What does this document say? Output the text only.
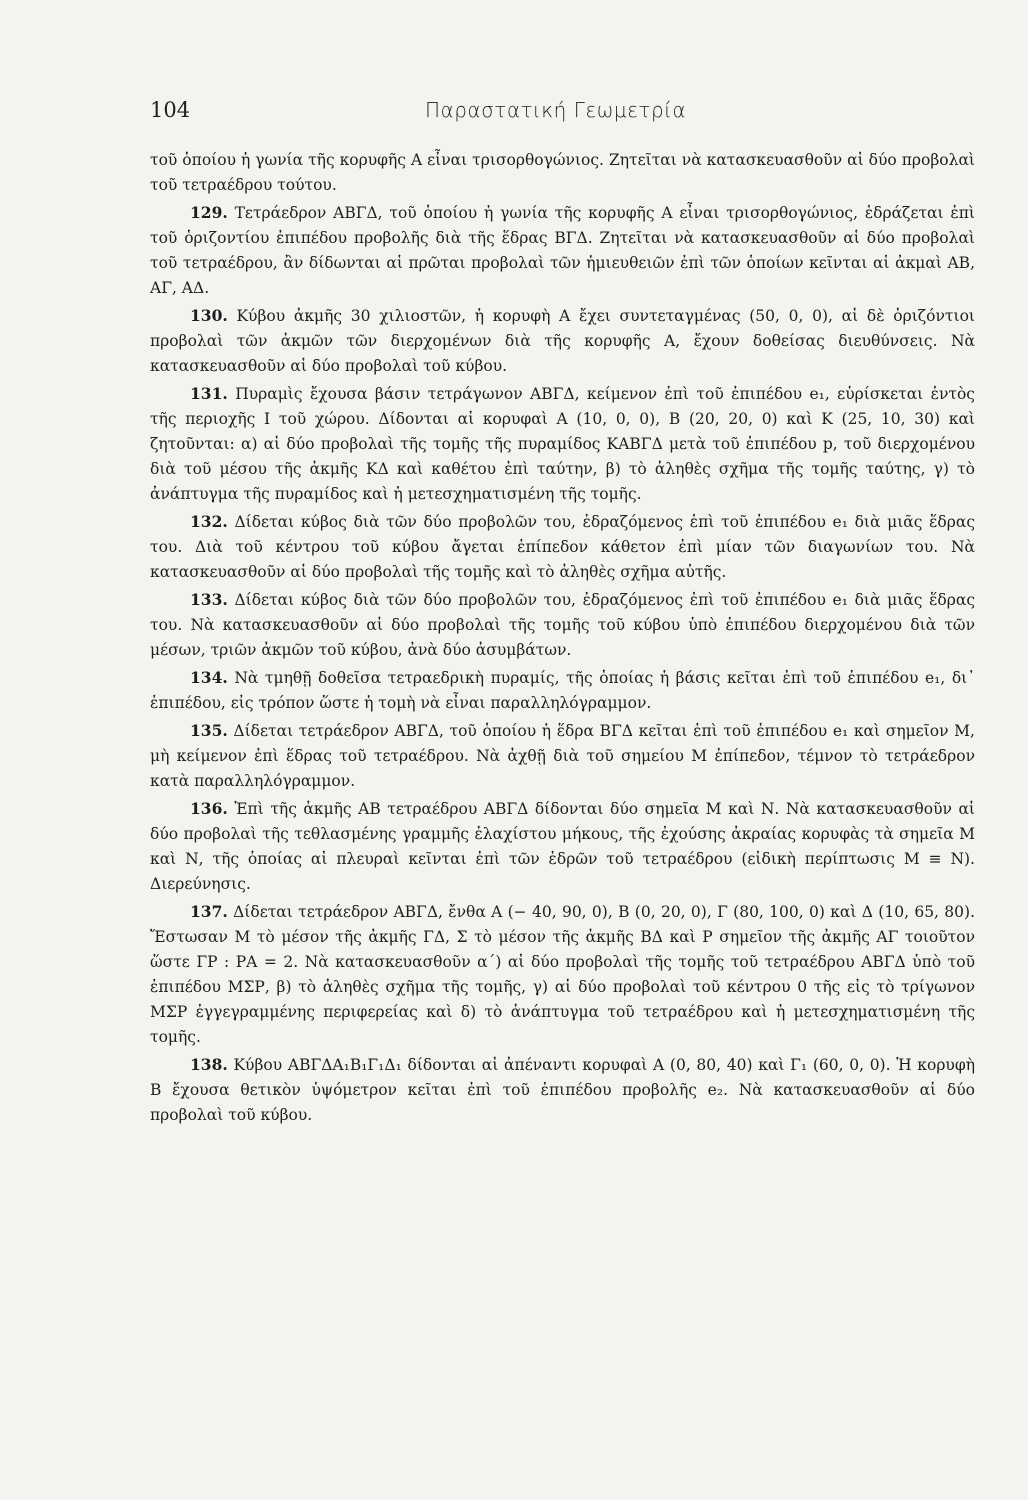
104	Παραστατική Γεωμετρία

τοῦ ὁποίου ἡ γωνία τῆς κορυφῆς Α εἶναι τρισορθογώνιος. Ζητεῖται νὰ κατασκευασθοῦν αἱ δύο προβολαὶ τοῦ τετραέδρου τούτου.

129. Τετράεδρον ΑΒΓΔ, τοῦ ὁποίου ἡ γωνία τῆς κορυφῆς Α εἶναι τρισορθογώνιος, ἑδράζεται ἐπὶ τοῦ ὁριζοντίου ἐπιπέδου προβολῆς διὰ τῆς ἕδρας ΒΓΔ. Ζητεῖται νὰ κατασκευασθοῦν αἱ δύο προβολαὶ τοῦ τετραέδρου, ἂν δίδωνται αἱ πρῶται προβολαὶ τῶν ἡμιευθειῶν ἐπὶ τῶν ὁποίων κεῖνται αἱ ἀκμαὶ ΑΒ, ΑΓ, ΑΔ.

130. Κύβου ἀκμῆς 30 χιλιοστῶν, ἡ κορυφὴ Α ἔχει συντεταγμένας (50, 0, 0), αἱ δὲ ὁριζόντιοι προβολαὶ τῶν ἀκμῶν τῶν διερχομένων διὰ τῆς κορυφῆς Α, ἔχουν δοθείσας διευθύνσεις. Νὰ κατασκευασθοῦν αἱ δύο προβολαὶ τοῦ κύβου.

131. Πυραμὶς ἔχουσα βάσιν τετράγωνον ΑΒΓΔ, κείμενον ἐπὶ τοῦ ἐπιπέδου e₁, εὑρίσκεται ἐντὸς τῆς περιοχῆς I τοῦ χώρου. Δίδονται αἱ κορυφαὶ Α (10, 0, 0), Β (20, 20, 0) καὶ Κ (25, 10, 30) καὶ ζητοῦνται: α) αἱ δύο προβολαὶ τῆς τομῆς τῆς πυραμίδος ΚΑΒΓΔ μετὰ τοῦ ἐπιπέδου p, τοῦ διερχομένου διὰ τοῦ μέσου τῆς ἀκμῆς ΚΔ καὶ καθέτου ἐπὶ ταύτην, β) τὸ ἀληθὲς σχῆμα τῆς τομῆς ταύτης, γ) τὸ ἀνάπτυγμα τῆς πυραμίδος καὶ ἡ μετεσχηματισμένη τῆς τομῆς.

132. Δίδεται κύβος διὰ τῶν δύο προβολῶν του, ἑδραζόμενος ἐπὶ τοῦ ἐπιπέδου e₁ διὰ μιᾶς ἕδρας του. Διὰ τοῦ κέντρου τοῦ κύβου ἄγεται ἐπίπεδον κάθετον ἐπὶ μίαν τῶν διαγωνίων του. Νὰ κατασκευασθοῦν αἱ δύο προβολαὶ τῆς τομῆς καὶ τὸ ἀληθὲς σχῆμα αὐτῆς.

133. Δίδεται κύβος διὰ τῶν δύο προβολῶν του, ἑδραζόμενος ἐπὶ τοῦ ἐπιπέδου e₁ διὰ μιᾶς ἕδρας του. Νὰ κατασκευασθοῦν αἱ δύο προβολαὶ τῆς τομῆς τοῦ κύβου ὑπὸ ἐπιπέδου διερχομένου διὰ τῶν μέσων, τριῶν ἀκμῶν τοῦ κύβου, ἀνὰ δύο ἀσυμβάτων.

134. Νὰ τμηθῇ δοθεῖσα τετραεδρικὴ πυραμίς, τῆς ὁποίας ἡ βάσις κεῖται ἐπὶ τοῦ ἐπιπέδου e₁, δι᾽ ἐπιπέδου, εἰς τρόπον ὥστε ἡ τομὴ νὰ εἶναι παραλληλόγραμμον.

135. Δίδεται τετράεδρον ΑΒΓΔ, τοῦ ὁποίου ἡ ἕδρα ΒΓΔ κεῖται ἐπὶ τοῦ ἐπιπέδου e₁ καὶ σημεῖον Μ, μὴ κείμενον ἐπὶ ἕδρας τοῦ τετραέδρου. Νὰ ἀχθῇ διὰ τοῦ σημείου Μ ἐπίπεδον, τέμνον τὸ τετράεδρον κατὰ παραλληλόγραμμον.

136. Ἐπὶ τῆς ἀκμῆς ΑΒ τετραέδρου ΑΒΓΔ δίδονται δύο σημεῖα Μ καὶ Ν. Νὰ κατασκευασθοῦν αἱ δύο προβολαὶ τῆς τεθλασμένης γραμμῆς ἐλαχίστου μήκους, τῆς ἐχούσης ἀκραίας κορυφὰς τὰ σημεῖα Μ καὶ Ν, τῆς ὁποίας αἱ πλευραὶ κεῖνται ἐπὶ τῶν ἑδρῶν τοῦ τετραέδρου (εἰδικὴ περίπτωσις Μ ≡ Ν). Διερεύνησις.

137. Δίδεται τετράεδρον ΑΒΓΔ, ἔνθα Α (− 40, 90, 0), Β (0, 20, 0), Γ (80, 100, 0) καὶ Δ (10, 65, 80). Ἔστωσαν Μ τὸ μέσον τῆς ἀκμῆς ΓΔ, Σ τὸ μέσον τῆς ἀκμῆς ΒΔ καὶ Ρ σημεῖον τῆς ἀκμῆς ΑΓ τοιοῦτον ὥστε ΓΡ : ΡΑ = 2. Νὰ κατασκευασθοῦν α΄) αἱ δύο προβολαὶ τῆς τομῆς τοῦ τετραέδρου ΑΒΓΔ ὑπὸ τοῦ ἐπιπέδου ΜΣΡ, β) τὸ ἀληθὲς σχῆμα τῆς τομῆς, γ) αἱ δύο προβολαὶ τοῦ κέντρου 0 τῆς εἰς τὸ τρίγωνον ΜΣΡ ἐγγεγραμμένης περιφερείας καὶ δ) τὸ ἀνάπτυγμα τοῦ τετραέδρου καὶ ἡ μετεσχηματισμένη τῆς τομῆς.

138. Κύβου ΑΒΓΔΑ₁Β₁Γ₁Δ₁ δίδονται αἱ ἀπέναντι κορυφαὶ Α (0, 80, 40) καὶ Γ₁ (60, 0, 0). Ἡ κορυφὴ Β ἔχουσα θετικὸν ὑψόμετρον κεῖται ἐπὶ τοῦ ἐπιπέδου προβολῆς e₂. Νὰ κατασκευασθοῦν αἱ δύο προβολαὶ τοῦ κύβου.
